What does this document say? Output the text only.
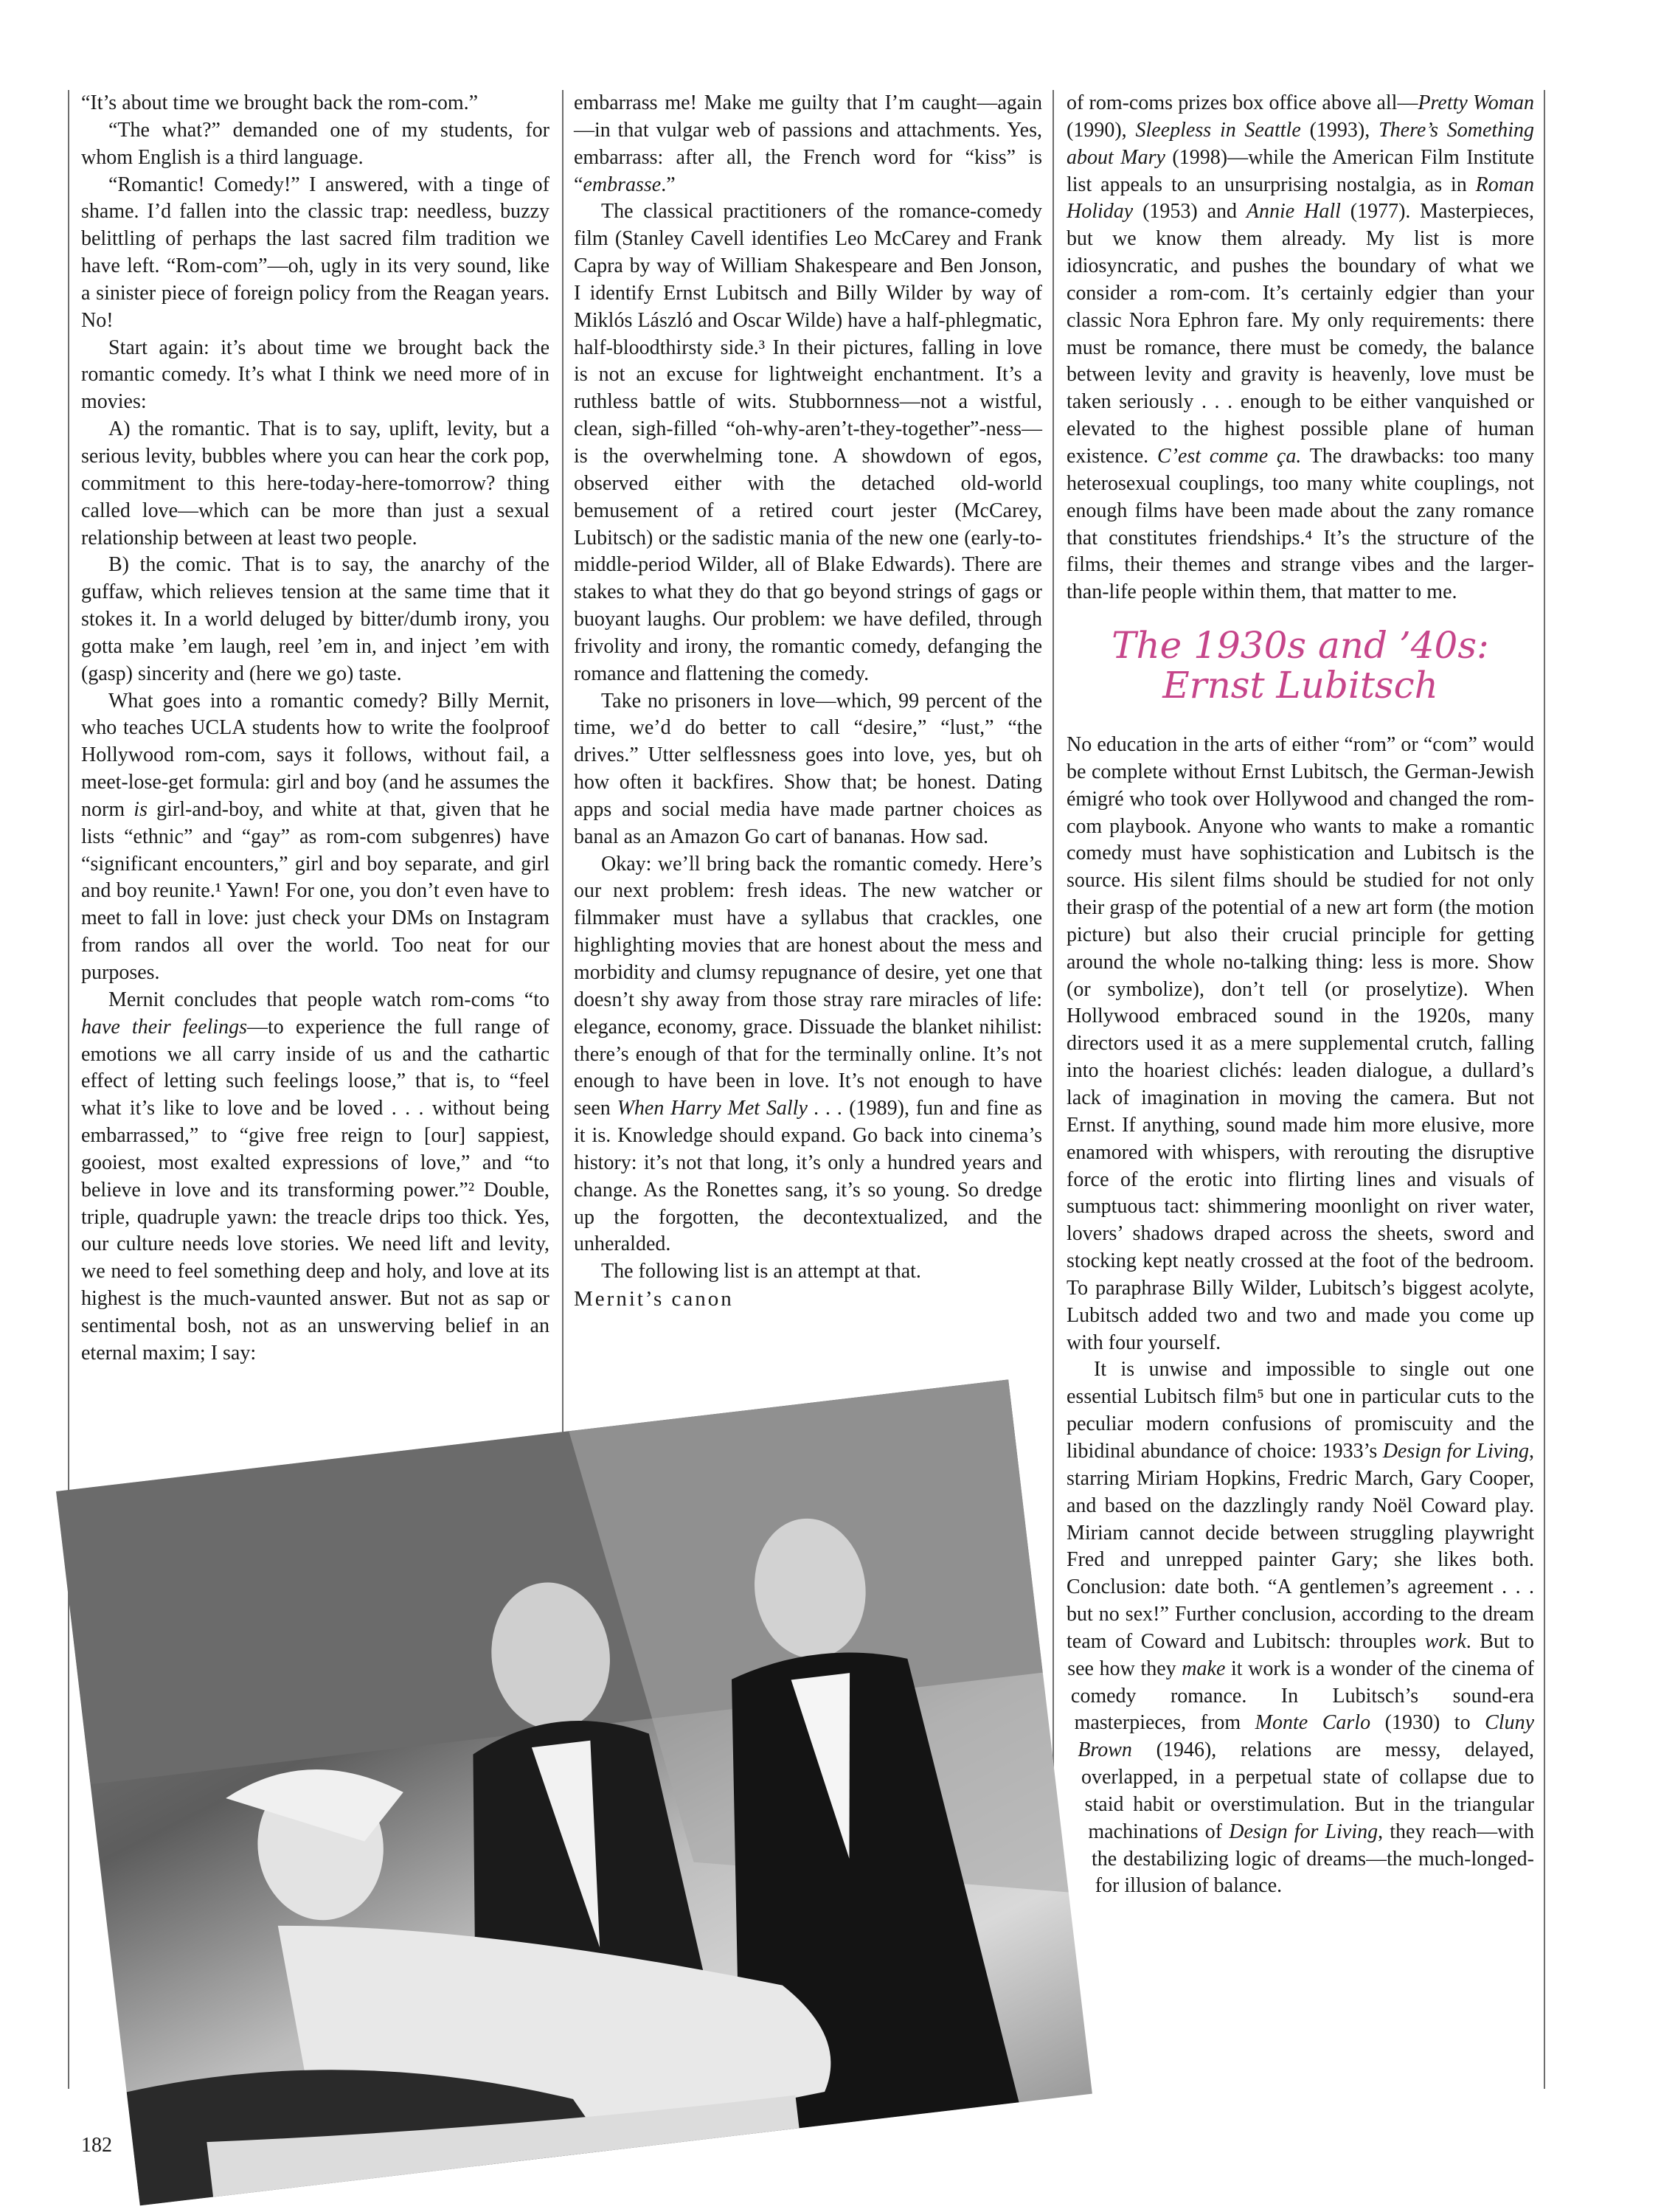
“It’s about time we brought back the rom-com.”

“The what?” demanded one of my students, for whom English is a third language.

“Romantic! Comedy!” I answered, with a tinge of shame. I’d fallen into the classic trap: needless, buzzy belittling of perhaps the last sacred film tradition we have left. “Rom-com”—oh, ugly in its very sound, like a sinister piece of foreign policy from the Reagan years. No!

Start again: it’s about time we brought back the romantic comedy. It’s what I think we need more of in movies:

A) the romantic. That is to say, uplift, levity, but a serious levity, bubbles where you can hear the cork pop, commitment to this here-today-here-tomorrow? thing called love—which can be more than just a sexual relationship between at least two people.

B) the comic. That is to say, the anarchy of the guffaw, which relieves tension at the same time that it stokes it. In a world deluged by bitter/dumb irony, you gotta make ’em laugh, reel ’em in, and inject ’em with (gasp) sincerity and (here we go) taste.

What goes into a romantic comedy? Billy Mernit, who teaches UCLA students how to write the foolproof Hollywood rom-com, says it follows, without fail, a meet-lose-get formula: girl and boy (and he assumes the norm is girl-and-boy, and white at that, given that he lists “ethnic” and “gay” as rom-com subgenres) have “significant encounters,” girl and boy separate, and girl and boy reunite.¹ Yawn! For one, you don’t even have to meet to fall in love: just check your DMs on Instagram from randos all over the world. Too neat for our purposes.

Mernit concludes that people watch rom-coms “to have their feelings—to experience the full range of emotions we all carry inside of us and the cathartic effect of letting such feelings loose,” that is, to “feel what it’s like to love and be loved . . . without being embarrassed,” to “give free reign to [our] sappiest, gooiest, most exalted expressions of love,” and “to believe in love and its transforming power.”² Double, triple, quadruple yawn: the treacle drips too thick. Yes, our culture needs love stories. We need lift and levity, we need to feel something deep and holy, and love at its highest is the much-vaunted answer. But not as sap or sentimental bosh, not as an unswerving belief in an eternal maxim; I say:

embarrass me! Make me guilty that I’m caught—again—in that vulgar web of passions and attachments. Yes, embarrass: after all, the French word for “kiss” is “embrasse.”

The classical practitioners of the romance-comedy film (Stanley Cavell identifies Leo McCarey and Frank Capra by way of William Shakespeare and Ben Jonson, I identify Ernst Lubitsch and Billy Wilder by way of Miklós László and Oscar Wilde) have a half-phlegmatic, half-bloodthirsty side.³ In their pictures, falling in love is not an excuse for lightweight enchantment. It’s a ruthless battle of wits. Stubbornness—not a wistful, clean, sigh-filled “oh-why-aren’t-they-together”-ness—is the overwhelming tone. A showdown of egos, observed either with the detached old-world bemusement of a retired court jester (McCarey, Lubitsch) or the sadistic mania of the new one (early-to-middle-period Wilder, all of Blake Edwards). There are stakes to what they do that go beyond strings of gags or buoyant laughs. Our problem: we have defiled, through frivolity and irony, the romantic comedy, defanging the romance and flattening the comedy.

Take no prisoners in love—which, 99 percent of the time, we’d do better to call “desire,” “lust,” “the drives.” Utter selflessness goes into love, yes, but oh how often it backfires. Show that; be honest. Dating apps and social media have made partner choices as banal as an Amazon Go cart of bananas. How sad.

Okay: we’ll bring back the romantic comedy. Here’s our next problem: fresh ideas. The new watcher or filmmaker must have a syllabus that crackles, one highlighting movies that are honest about the mess and morbidity and clumsy repugnance of desire, yet one that doesn’t shy away from those stray rare miracles of life: elegance, economy, grace. Dissuade the blanket nihilist: there’s enough of that for the terminally online. It’s not enough to have been in love. It’s not enough to have seen When Harry Met Sally . . . (1989), fun and fine as it is. Knowledge should expand. Go back into cinema’s history: it’s not that long, it’s only a hundred years and change. As the Ronettes sang, it’s so young. So dredge up the forgotten, the decontextualized, and the unheralded.

The following list is an attempt at that.

Mernit’s canon

of rom-coms prizes box office above all—Pretty Woman (1990), Sleepless in Seattle (1993), There’s Something about Mary (1998)—while the American Film Institute list appeals to an unsurprising nostalgia, as in Roman Holiday (1953) and Annie Hall (1977). Masterpieces, but we know them already. My list is more idiosyncratic, and pushes the boundary of what we consider a rom-com. It’s certainly edgier than your classic Nora Ephron fare. My only requirements: there must be romance, there must be comedy, the balance between levity and gravity is heavenly, love must be taken seriously . . . enough to be either vanquished or elevated to the highest possible plane of human existence. C’est comme ça. The drawbacks: too many heterosexual couplings, too many white couplings, not enough films have been made about the zany romance that constitutes friendships.⁴ It’s the structure of the films, their themes and strange vibes and the larger-than-life people within them, that matter to me.

The 1930s and ’40s:
Ernst Lubitsch

No education in the arts of either “rom” or “com” would be complete without Ernst Lubitsch, the German-Jewish émigré who took over Hollywood and changed the rom-com playbook. Anyone who wants to make a romantic comedy must have sophistication and Lubitsch is the source. His silent films should be studied for not only their grasp of the potential of a new art form (the motion picture) but also their crucial principle for getting around the whole no-talking thing: less is more. Show (or symbolize), don’t tell (or proselytize). When Hollywood embraced sound in the 1920s, many directors used it as a mere supplemental crutch, falling into the hoariest clichés: leaden dialogue, a dullard’s lack of imagination in moving the camera. But not Ernst. If anything, sound made him more elusive, more enamored with whispers, with rerouting the disruptive force of the erotic into flirting lines and visuals of sumptuous tact: shimmering moonlight on river water, lovers’ shadows draped across the sheets, sword and stocking kept neatly crossed at the foot of the bedroom. To paraphrase Billy Wilder, Lubitsch’s biggest acolyte, Lubitsch added two and two and made you come up with four yourself.

It is unwise and impossible to single out one essential Lubitsch film⁵ but one in particular cuts to the peculiar modern confusions of promiscuity and the libidinal abundance of choice: 1933’s Design for Living, starring Miriam Hopkins, Fredric March, Gary Cooper, and based on the dazzlingly randy Noël Coward play. Miriam cannot decide between struggling playwright Fred and unrepped painter Gary; she likes both. Conclusion: date both. “A gentlemen’s agreement . . . but no sex!” Further conclusion, according to the dream team of Coward and Lubitsch: throuples work. But to see how they make it work is a wonder of the cinema of comedy romance. In Lubitsch’s sound-era masterpieces, from Monte Carlo (1930) to Cluny Brown (1946), relations are messy, delayed, overlapped, in a perpetual state of collapse due to staid habit or overstimulation. But in the triangular machinations of Design for Living, they reach—with the destabilizing logic of dreams—the much-longed-for illusion of balance.

182
